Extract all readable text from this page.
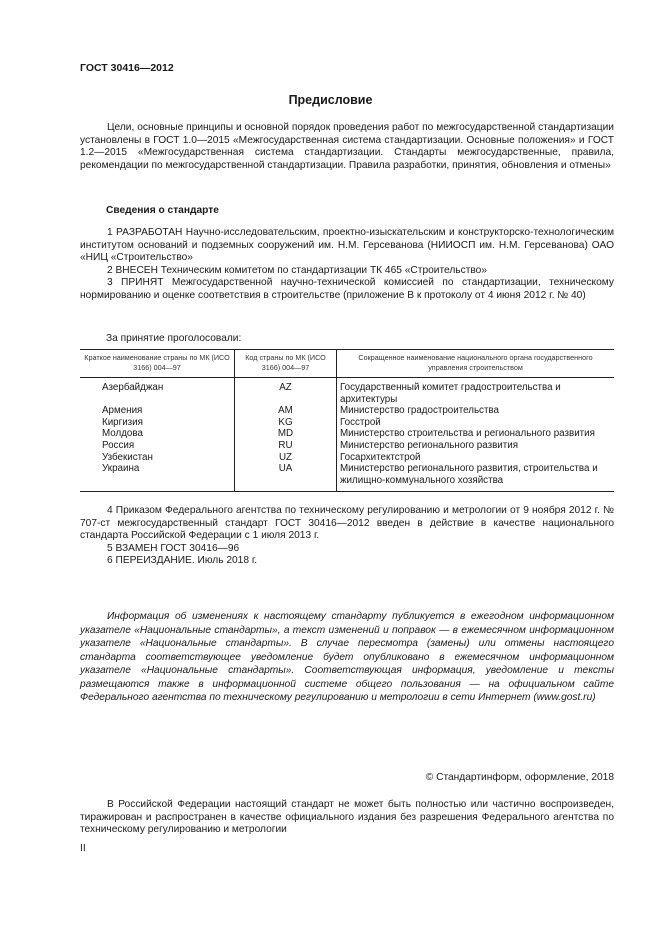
ГОСТ 30416—2012
Предисловие

Цели, основные принципы и основной порядок проведения работ по межгосударственной стандартизации установлены в ГОСТ 1.0—2015 «Межгосударственная система стандартизации. Основные положения» и ГОСТ 1.2—2015 «Межгосударственная система стандартизации. Стандарты межгосударственные, правила, рекомендации по межгосударственной стандартизации. Правила разработки, принятия, обновления и отмены»

Сведения о стандарте

1 РАЗРАБОТАН Научно-исследовательским, проектно-изыскательским и конструкторско-технологическим институтом оснований и подземных сооружений им. Н.М. Герсеванова (НИИОСП им. Н.М. Герсеванова) ОАО «НИЦ «Строительство»

2 ВНЕСЕН Техническим комитетом по стандартизации ТК 465 «Строительство»

3 ПРИНЯТ Межгосударственной научно-технической комиссией по стандартизации, техническому нормированию и оценке соответствия в строительстве (приложение В к протоколу от 4 июня 2012 г. № 40)

За принятие проголосовали:
Краткое наименование страны по МК (ИСО 3166) 004—97	Код страны по МК (ИСО 3166) 004—97	Сокращенное наименование национального органа государственного управления строительством
Азербайджан	AZ	Государственный комитет градостроительства и архитектуры
Армения	AM	Министерство градостроительства
Киргизия	KG	Госстрой
Молдова	MD	Министерство строительства и регионального развития
Россия	RU	Министерство регионального развития
Узбекистан	UZ	Госархитектстрой
Украина	UA	Министерство регионального развития, строительства и жилищно-коммунального хозяйства

4 Приказом Федерального агентства по техническому регулированию и метрологии от 9 ноября 2012 г. № 707-ст межгосударственный стандарт ГОСТ 30416—2012 введен в действие в качестве национального стандарта Российской Федерации с 1 июля 2013 г.

5 ВЗАМЕН ГОСТ 30416—96

6 ПЕРЕИЗДАНИЕ. Июль 2018 г.

Информация об изменениях к настоящему стандарту публикуется в ежегодном информационном указателе «Национальные стандарты», а текст изменений и поправок — в ежемесячном информационном указателе «Национальные стандарты». В случае пересмотра (замены) или отмены настоящего стандарта соответствующее уведомление будет опубликовано в ежемесячном информационном указателе «Национальные стандарты». Соответствующая информация, уведомление и тексты размещаются также в информационной системе общего пользования — на официальном сайте Федерального агентства по техническому регулированию и метрологии в сети Интернет (www.gost.ru)

© Стандартинформ, оформление, 2018

В Российской Федерации настоящий стандарт не может быть полностью или частично воспроизведен, тиражирован и распространен в качестве официального издания без разрешения Федерального агентства по техническому регулированию и метрологии

II
